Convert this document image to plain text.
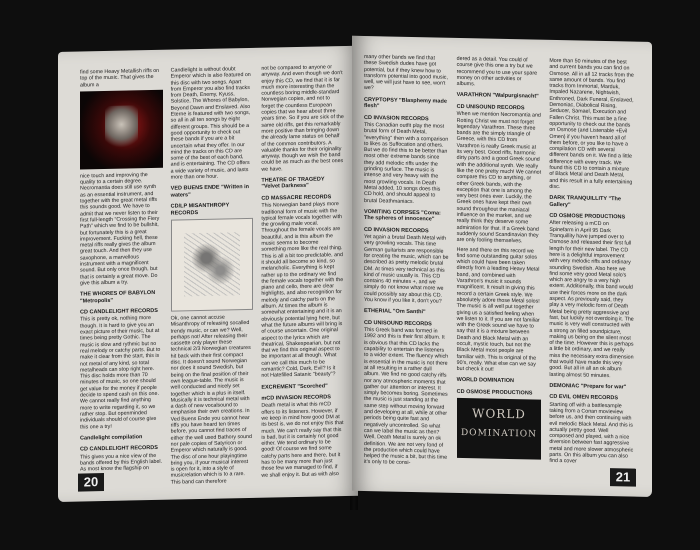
find some Heavy Metallish riffs on top of the music. That gives the album a

nice touch and improving the quality to a certain degree. Necromantia does still use synth as an essential instrument, and together with the great metal riffs this sounds good. We have to admit that we never listen to their first full-length "Crossing the Fiery Path" which we find to be bullshit, but fortunately this is a great improvement. Fucking hell, these metal riffs really gives the album great touch. And then they use saxophone, a marvellous instrument with a magnificent sound. But only once though, but that is certainly a great move. Do give this album a try.

THE WHORES OF BABYLON "Metropolis"
CD CANDLELIGHT RECORDS

This is pretty ok, nothing more though. It is hard to give you an exact picture of their music, but at times being pretty Gothic. The music is slow and rythmic but no real melody or catchy parts. But to make it clear from the start, this is not metal of any kind, so total metalheads can stop right here. This disc holds more than 70 minutes of music, so one should get value for the money if people decide to spend cash on this one. We cannot really find anything more to write regarding it, so we rather stop. But openminded individuals should of course give this one a try!

Candlelight compilation
CD CANDLELIGHT RECORDS

This gives you a nice view of the bands offered by this English label. As most know the flagship on

Candlelight is without doubt Emperor which is also featured on this disc with two songs. Apart from Emperor you also find tracks from Death, Enemy, Kyuss, Solstice, The Whores of Babylon, Beyond Dawn and Enslaved. Also Eterne is featured with two songs, so all in all ten songs by eight different groups. This should be a good opportunity to check out these bands if you are a bit uncertain what they offer. In our mind the tracks on this CD are some of the best of each band, and is entertaining. The CD offers a wide variety of music, and lasts more than one hour.

VED BUENS ENDE "Written in waters"
CD/LP MISANTHROPY RECORDS

Ok, one cannot accuse Misanthropy of releasing socalled trendy music, or can we? Well, perhaps not! After releasing their cassette only player these technical 2/3 Norwegian creatures hit back with their first compact disc. It doesn't sound Norwegian nor does it sound Swedish, but being on the final position of their own league-table. The music is well conducted and nicely set together which is a plus in itself. Musically it is technical metal with a dash of new vocalsound to emphasise their own creations. In Ved Buens Ende you cannot hear riffs you have heard ten times before, you cannot find traces of either the well used Bathory sound nor pale copies of Satyricon or Emperor which naturally is good. The disc of one hour playingtime bring you, if your musical interest is open for it, into a style of musicrelation which is to a rare. This band can therefore

not be compared to anyone or anyway. And even though we don't enjoy this CD, we find that it is far much more interesting than the countless boring middle-standard Norwegian copies, and not to forget the countless European copies that we hear about three years time. So if you are sick of the same old riffs, get this remarkably more positive than bringing down the already lame status on behalf of the common contributors. A valuable thanks for their originality anyway, though we wish the band could be as much as the best ones we have.

THEATRE OF TRAGEDY "Velvet Darkness"
CD MASSACRE RECORDS

This Norwegian band plays more traditional form of music with the typical female vocals together with the growling male vocal. Throughout the female vocals are beautiful, and is this album the music seems to become something more like the real thing. This is all a bit too predictable, and it should all become so kind, so melancholic. Everything is kept rather up to the ordinary we find the female vocals together with the piano and cello, there are clear highlights, and also recognition for melody and catchy parts on the album. At times the album is somewhat entertaining and it is an obviously potential lying here, but what the future albums will bring is of course uncertain. One original aspect to the lyrics which are theatrical, Shakespearian, but not that we find this original aspect to be important at all though. What can we call this much to be romantic? Cold, Dark, Evil? Is it not Hatefilled Satanic "beauty"?

EXCREMENT "Scorched"
mCD INVASION RECORDS

Death metal is what this mCD offers to its listeners. However, if we keep in mind how good DM at its best is, we do not enjoy this that much. We can't really say that this is bad, but it is certainly not good either. We tend ordinary to be good! Of course we find some catchy parts here and there, but it has to be many more than just those few we managed to find, if we shall enjoy it. But as with also

20

many other bands we find that these Swedish dudes have got potential, but if they knew how to transform potential into good music, well, we will just have to see, won't we?

CRYPTOPSY "Blasphemy made flesh"
CD INVASION RECORDS

This Canadian outfit play the most brutal form of Death Metal, "everything" then with a comparison to likes as Suffocation and others. But we do find this to be better than most other extreme bands since they add melodic riffs under the grinding surface. The music is intense and very heavy with the most growling vocals. In Death Metal added, 10 songs does this CD hold, and should appeal to brutal Deathmaniacs.

VOMITING CORPSES "Coma: The spheres of innocence"
CD INVASION RECORDS

Yet again a brutal Death Metal with very growling vocals. This time German guitarists are responsible for creating the music, which can be described as pretty melodic brutal DM. At times very technical as this kind of music usually is. This CD contains 40 minutes +, and we simply do not know what more we could possibly say about this CD. You know if you like it, don't you?

ETHERIAL "Om Santhi"
CD UNISOUND RECORDS

This Greek band was formed in 1992 and this is their first album. It is obvious that this CD lacks the capability to entertain the listeners to a wider extent. The fluency which is essential in the music is not there at all resulting in a rather dull album. We find no good catchy riffs nor any atmospheric moments that gather our attention or interest. It simply becomes boring. Sometimes the music is just standing at the same step without moving forward and developing at all, while at other periods being quite fast and negatively uncontrolled. So what can we label the music as then? Well, Death Metal is surely an ok definition. We are not very fond of the production which could have helped the music a bit, but this time it's only to be consi-

dered as a detail. You could of course give this one a try but we recommend you to use your spare money on other activities or albums.

VARATHRON "Walpurgisnacht"
CD UNISOUND RECORDS

When we mention Necromantia and Rotting Christ we must not forget legendary Varathron. These three bands are the simply triangle of Greece, with this CD from Varathron is really Greek music at its very best. Good riffs, harmonic dirty parts and a good Greek sound with the additional synth. We really like the one pretty much! We cannot compare this CD to anything, or other Greek bands, with the exception that one is among the very best ones ever. Luckily, the Greek ones have kept their own sound throughout the maniacal influence on the market, and we really think they deserve some admiration for that. If a Greek band suddenly sound Scandinavian they are only fooling themselves.

Here and there on this record we find some outstanding guitar solos which could have been taken directly from a leading Heavy Metal band, and combined with Varathron's music it sounds magnificent. It result in giving this record a certain Greek style. We absolutely adore those Metal solos! The music is all well put together giving us a satisfied feeling when we listen to it. If you are not familiar with the Greek sound we have to say that it is a mixture between Death and Black Metal with an occult, mystic touch, but not the Black Metal most people are familiar with. This is original of the 90's, really. What else can we say but check it out!

WORLD DOMINATION
CD OSMOSE PRODUCTIONS
WORLD
DOMINATION

More than 50 minutes of the best and current bands you can find on Osmose. All in all 12 tracks from the same amount of bands. You find tracks from Immortal, Marduk, Impaled Nazarene, Nightwish, Enthroned, Dark Funeral, Enslaved, Demoniac, Diabolical Rising, Seducer, Samael, Execution and Fallen Christ. This must be a fine opportunity to check out the bands on Osmose (and Listenable +Evil Omen) if you haven't heard all of them before, or you like to have a compilation CD with several different bands on it. We find a little difference with every track. We found this CD to contain a mixture of Black Metal and Death Metal, and this result in a fully entertaining disc.

DARK TRANQUILLITY "The Gallery"
CD OSMOSE PRODUCTIONS

After releasing a mCD on Spinefarm in April 95 Dark Tranquillity have jumped over to Osmose and released their first full length for their new label. The CD here is a delightful improvement with very melodic riffs and ordinary sounding Swedish. Also here we find some very good Metal solo's which are angry to a very high extent. Additionally, this band would use their forces more on the dark aspect. As previously said, they play a very melodic form of Death Metal being pretty aggressive and fast, but luckily not overdoing it. The music is very well constructed with a strong an filled soundpicture, making us being on the silent most of the time. However this is perhaps a little bit ordinary, and we really miss the necessary extra dimension that would have made this very good. But all in all an ok album lasting almost 50 minutes.

DEMONIAC "Prepare for war"
CD EVIL OMEN RECORDS

Starting off with a battlesample taking from a Conan movieview before us, and then continuing with evil melodic Black Metal. And this is actually pretty good. Well composed and played, with a nice diversion between fast aggressive metal and more slower atmospheric parts. On this album you can also find a cover

21
